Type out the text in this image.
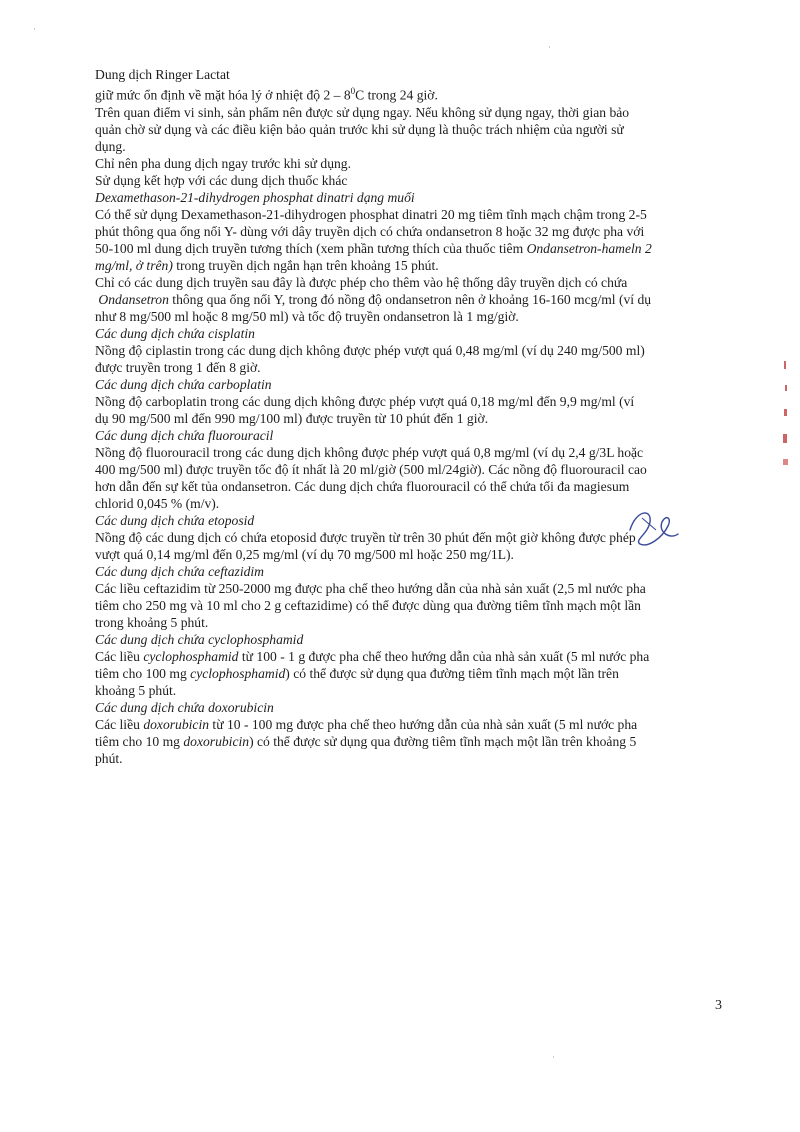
Dung dịch Ringer Lactat
giữ mức ổn định về mặt hóa lý ở nhiệt độ $2 - 8^0C$ trong 24 giờ.

Trên quan điểm vi sinh, sản phẩm nên được sử dụng ngay. Nếu không sử dụng ngay, thời gian bảo
quản chờ sử dụng và các điều kiện bảo quản trước khi sử dụng là thuộc trách nhiệm của người sử
dụng.
Chỉ nên pha dung dịch ngay trước khi sử dụng.

Sử dụng kết hợp với các dung dịch thuốc khác

Dexamethason-21-dihydrogen phosphat dinatri dạng muối
Có thể sử dụng Dexamethason-21-dihydrogen phosphat dinatri 20 mg tiêm tĩnh mạch chậm trong 2-5
phút thông qua ống nối Y- dùng với dây truyền dịch có chứa ondansetron 8 hoặc 32 mg được pha với
50-100 ml dung dịch truyền tương thích (xem phần tương thích của thuốc tiêm Ondansetron-hameln 2
mg/ml, ở trên) trong truyền dịch ngắn hạn trên khoảng 15 phút.

Chỉ có các dung dịch truyền sau đây là được phép cho thêm vào hệ thống dây truyền dịch có chứa
Ondansetron thông qua ống nối Y, trong đó nồng độ ondansetron nên ở khoảng 16-160 mcg/ml (ví dụ
như 8 mg/500 ml hoặc 8 mg/50 ml) và tốc độ truyền ondansetron là 1 mg/giờ.

Các dung dịch chứa cisplatin
Nồng độ ciplastin trong các dung dịch không được phép vượt quá 0,48 mg/ml (ví dụ 240 mg/500 ml)
được truyền trong 1 đến 8 giờ.

Các dung dịch chứa carboplatin
Nồng độ carboplatin trong các dung dịch không được phép vượt quá 0,18 mg/ml đến 9,9 mg/ml (ví
dụ 90 mg/500 ml đến 990 mg/100 ml) được truyền từ 10 phút đến 1 giờ.

Các dung dịch chứa fluorouracil
Nồng độ fluorouracil trong các dung dịch không được phép vượt quá 0,8 mg/ml (ví dụ 2,4 g/3L hoặc
400 mg/500 ml) được truyền tốc độ ít nhất là 20 ml/giờ (500 ml/24giờ). Các nồng độ fluorouracil cao
hơn dẫn đến sự kết tủa ondansetron. Các dung dịch chứa fluorouracil có thể chứa tối đa magiesum
chlorid 0,045 % (m/v).

Các dung dịch chứa etoposid
Nồng độ các dung dịch có chứa etoposid được truyền từ trên 30 phút đến một giờ không được phép
vượt quá 0,14 mg/ml đến 0,25 mg/ml (ví dụ 70 mg/500 ml hoặc 250 mg/1L).

Các dung dịch chứa ceftazidim
Các liều ceftazidim từ 250-2000 mg được pha chế theo hướng dẫn của nhà sản xuất (2,5 ml nước pha
tiêm cho 250 mg và 10 ml cho 2 g ceftazidime) có thể được dùng qua đường tiêm tĩnh mạch một lần
trong khoảng 5 phút.

Các dung dịch chứa cyclophosphamid
Các liều cyclophosphamid từ 100 - 1 g được pha chế theo hướng dẫn của nhà sản xuất (5 ml nước pha
tiêm cho 100 mg cyclophosphamid) có thể được sử dụng qua đường tiêm tĩnh mạch một lần trên
khoảng 5 phút.

Các dung dịch chứa doxorubicin
Các liều doxorubicin từ 10 - 100 mg được pha chế theo hướng dẫn của nhà sản xuất (5 ml nước pha
tiêm cho 10 mg doxorubicin) có thể được sử dụng qua đường tiêm tĩnh mạch một lần trên khoảng 5
phút.

3
·
·
·
